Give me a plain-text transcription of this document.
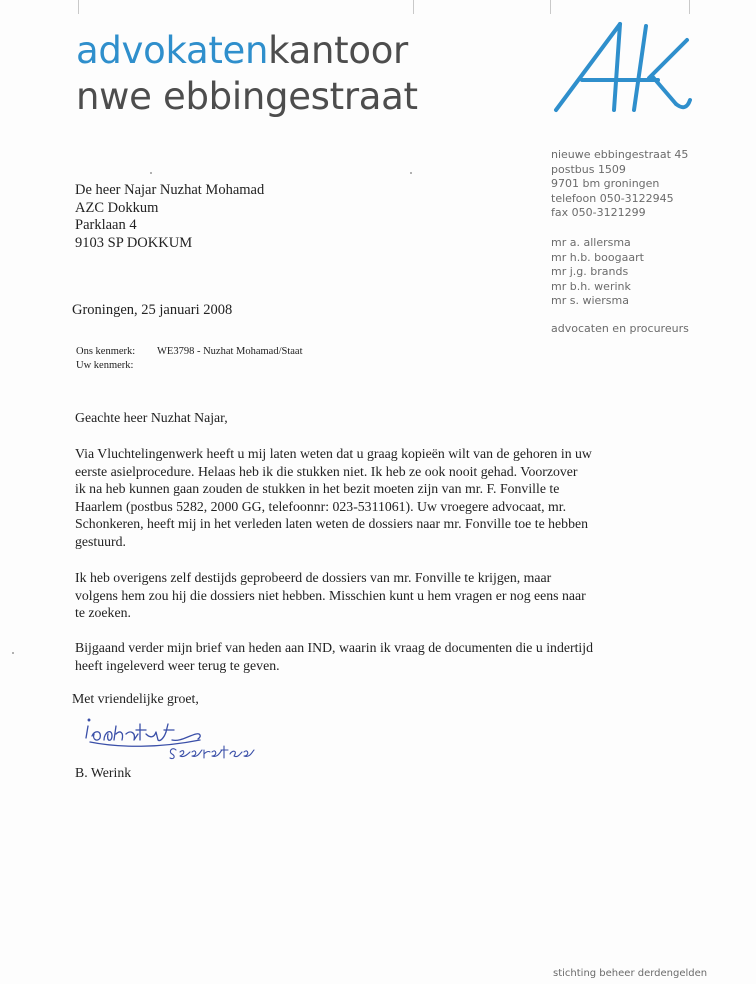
advokatenkantoor
nwe ebbingestraat
nieuwe ebbingestraat 45
postbus 1509
9701 bm groningen
telefoon 050-3122945
fax 050-3121299
mr a. allersma
mr h.b. boogaart
mr j.g. brands
mr b.h. werink
mr s. wiersma
advocaten en procureurs
De heer Najar Nuzhat Mohamad
AZC Dokkum
Parklaan 4
9103 SP DOKKUM
Groningen, 25 januari 2008
Ons kenmerk: WE3798 - Nuzhat Mohamad/Staat
Uw kenmerk:
Geachte heer Nuzhat Najar,
Via Vluchtelingenwerk heeft u mij laten weten dat u graag kopieën wilt van de gehoren in uw
eerste asielprocedure. Helaas heb ik die stukken niet. Ik heb ze ook nooit gehad. Voorzover
ik na heb kunnen gaan zouden de stukken in het bezit moeten zijn van mr. F. Fonville te
Haarlem (postbus 5282, 2000 GG, telefoonnr: 023-5311061). Uw vroegere advocaat, mr.
Schonkeren, heeft mij in het verleden laten weten de dossiers naar mr. Fonville toe te hebben
gestuurd.
Ik heb overigens zelf destijds geprobeerd de dossiers van mr. Fonville te krijgen, maar
volgens hem zou hij die dossiers niet hebben. Misschien kunt u hem vragen er nog eens naar
te zoeken.
Bijgaand verder mijn brief van heden aan IND, waarin ik vraag de documenten die u indertijd
heeft ingeleverd weer terug te geven.
Met vriendelijke groet,
B. Werink
stichting beheer derdengelden
